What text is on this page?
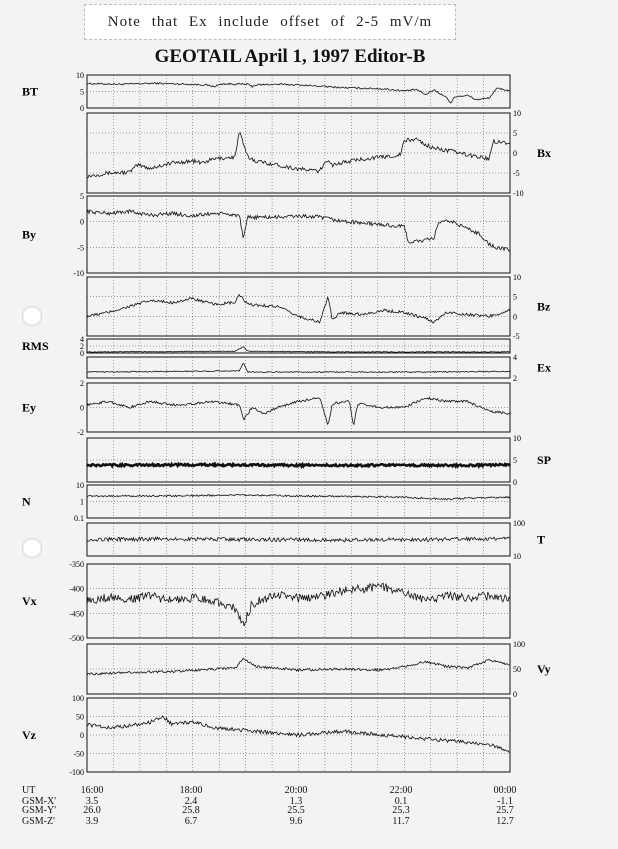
Note that Ex include offset of 2-5 mV/m
GEOTAIL April 1, 1997 Editor-B
10
5
0
BT
10
5
0
-5
-10
Bx
5
0
-5
-10
By
10
5
0
-5
Bz
4
2
0
RMS
4
2
Ex
2
0
-2
Ey
10
5
0
SP
10
1
0.1
N
100
10
T
-350
-400
-450
-500
Vx
100
50
0
Vy
100
50
0
-50
-100
Vz
UT	16:00	18:00	20:00	22:00	00:00
GSM-X'	3.5	2.4	1.3	0.1	-1.1
GSM-Y'	26.0	25.8	25.5	25.3	25.7
GSM-Z'	3.9	6.7	9.6	11.7	12.7
